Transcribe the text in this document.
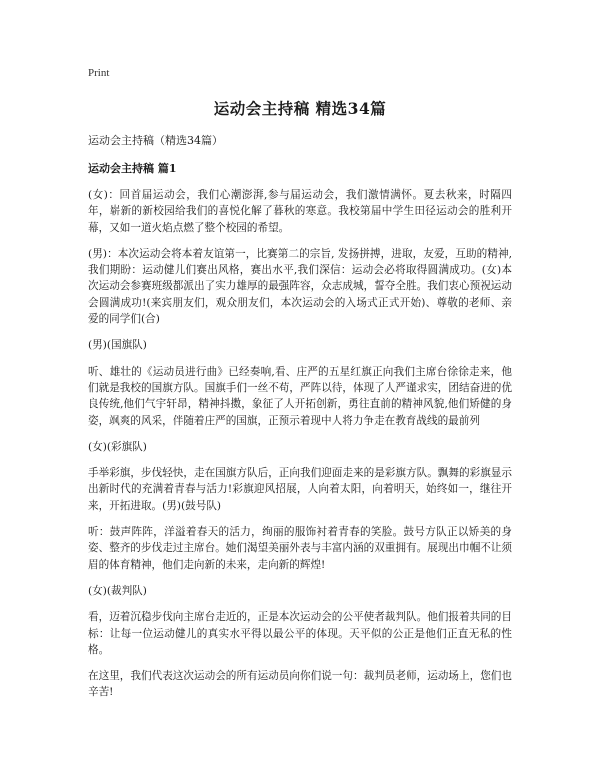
Print
运动会主持稿 精选34篇
运动会主持稿（精选34篇）
运动会主持稿 篇1

(女)：回首届运动会，我们心潮澎湃,参与届运动会，我们激情满怀。夏去秋来，时隔四年，崭新的新校园给我们的喜悦化解了暮秋的寒意。我校第届中学生田径运动会的胜利开幕，又如一道火焰点燃了整个校园的希望。

(男)：本次运动会将本着友谊第一，比赛第二的宗旨, 发扬拼搏，进取，友爱，互助的精神,我们期盼：运动健儿们赛出风格，赛出水平,我们深信：运动会必将取得圆满成功。(女)本次运动会参赛班级都派出了实力雄厚的最强阵容，众志成城，誓夺全胜。我们衷心预祝运动会圆满成功!(来宾朋友们，观众朋友们，本次运动会的入场式正式开始)、尊敬的老师、亲爱的同学们(合)

(男)(国旗队)

听、雄壮的《运动员进行曲》已经奏响,看、庄严的五星红旗正向我们主席台徐徐走来，他们就是我校的国旗方队。国旗手们一丝不苟，严阵以待，体现了人严谨求实，团结奋进的优良传统,他们气宇轩昂，精神抖擞，象征了人开拓创新，勇往直前的精神风貌,他们矫健的身姿，飒爽的风采，伴随着庄严的国旗，正预示着现中人将力争走在教育战线的最前列

(女)(彩旗队)

手举彩旗，步伐轻快，走在国旗方队后，正向我们迎面走来的是彩旗方队。飘舞的彩旗显示出新时代的充满着青春与活力!彩旗迎风招展，人向着太阳，向着明天，始终如一，继往开来，开拓进取。(男)(鼓号队)

听：鼓声阵阵，洋溢着春天的活力，绚丽的服饰衬着青春的笑脸。鼓号方队正以矫美的身姿、整齐的步伐走过主席台。她们渴望美丽外表与丰富内涵的双重拥有。展现出巾帼不让须眉的体育精神，他们走向新的未来，走向新的辉煌!

(女)(裁判队)

看，迈着沉稳步伐向主席台走近的，正是本次运动会的公平使者裁判队。他们报着共同的目标：让每一位运动健儿的真实水平得以最公平的体现。天平似的公正是他们正直无私的性格。

在这里，我们代表这次运动会的所有运动员向你们说一句：裁判员老师，运动场上，您们也辛苦!
